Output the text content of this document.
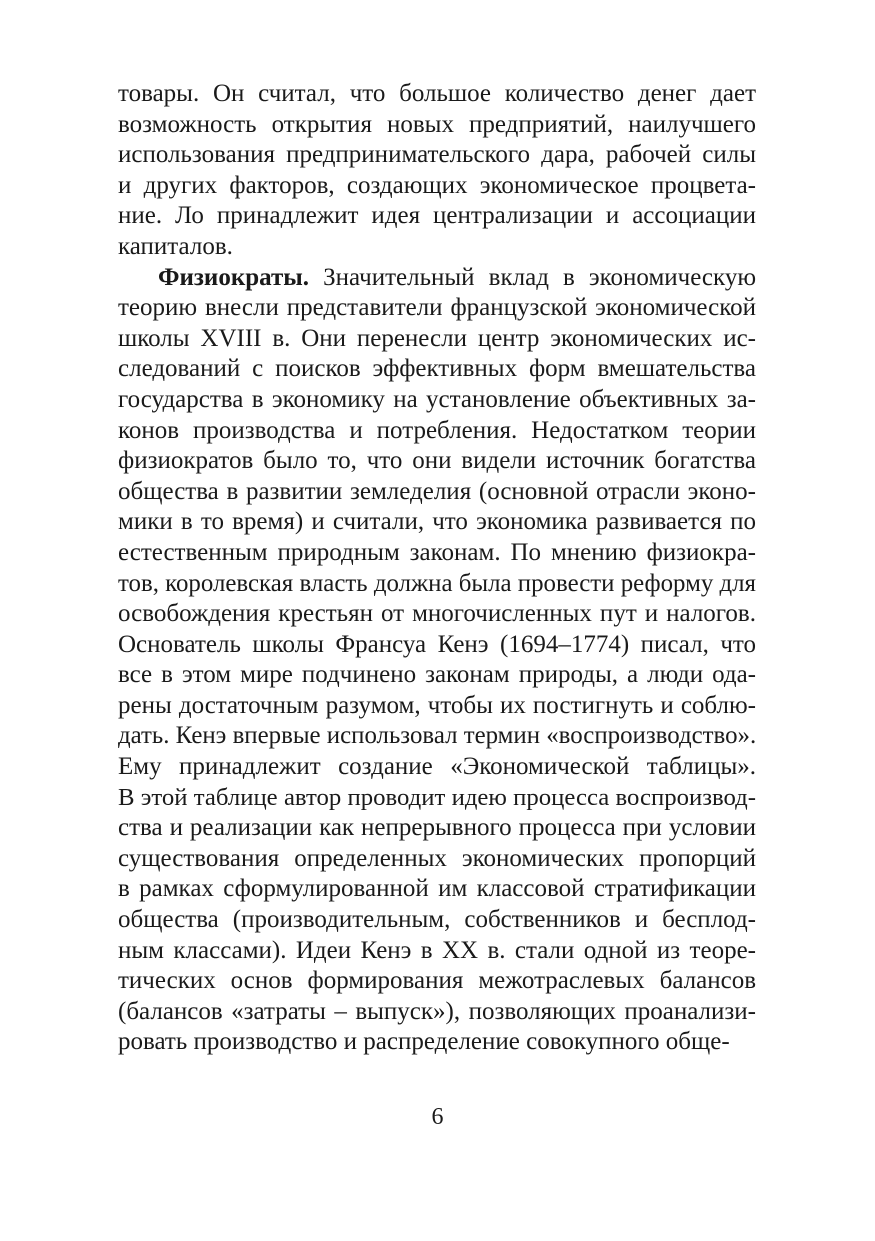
товары. Он считал, что большое количество денег дает
возможность открытия новых предприятий, наилучшего
использования предпринимательского дара, рабочей силы
и других факторов, создающих экономическое процвета-
ние. Ло принадлежит идея централизации и ассоциации
капиталов.
Физиократы. Значительный вклад в экономическую
теорию внесли представители французской экономической
школы XVIII в. Они перенесли центр экономических ис-
следований с поисков эффективных форм вмешательства
государства в экономику на установление объективных за-
конов производства и потребления. Недостатком теории
физиократов было то, что они видели источник богатства
общества в развитии земледелия (основной отрасли эконо-
мики в то время) и считали, что экономика развивается по
естественным природным законам. По мнению физиокра-
тов, королевская власть должна была провести реформу для
освобождения крестьян от многочисленных пут и налогов.
Основатель школы Франсуа Кенэ (1694–1774) писал, что
все в этом мире подчинено законам природы, а люди ода-
рены достаточным разумом, чтобы их постигнуть и соблю-
дать. Кенэ впервые использовал термин «воспроизводство».
Ему принадлежит создание «Экономической таблицы».
В этой таблице автор проводит идею процесса воспроизвод-
ства и реализации как непрерывного процесса при условии
существования определенных экономических пропорций
в рамках сформулированной им классовой стратификации
общества (производительным, собственников и бесплод-
ным классами). Идеи Кенэ в XX в. стали одной из теоре-
тических основ формирования межотраслевых балансов
(балансов «затраты – выпуск»), позволяющих проанализи-
ровать производство и распределение совокупного обще-
6
